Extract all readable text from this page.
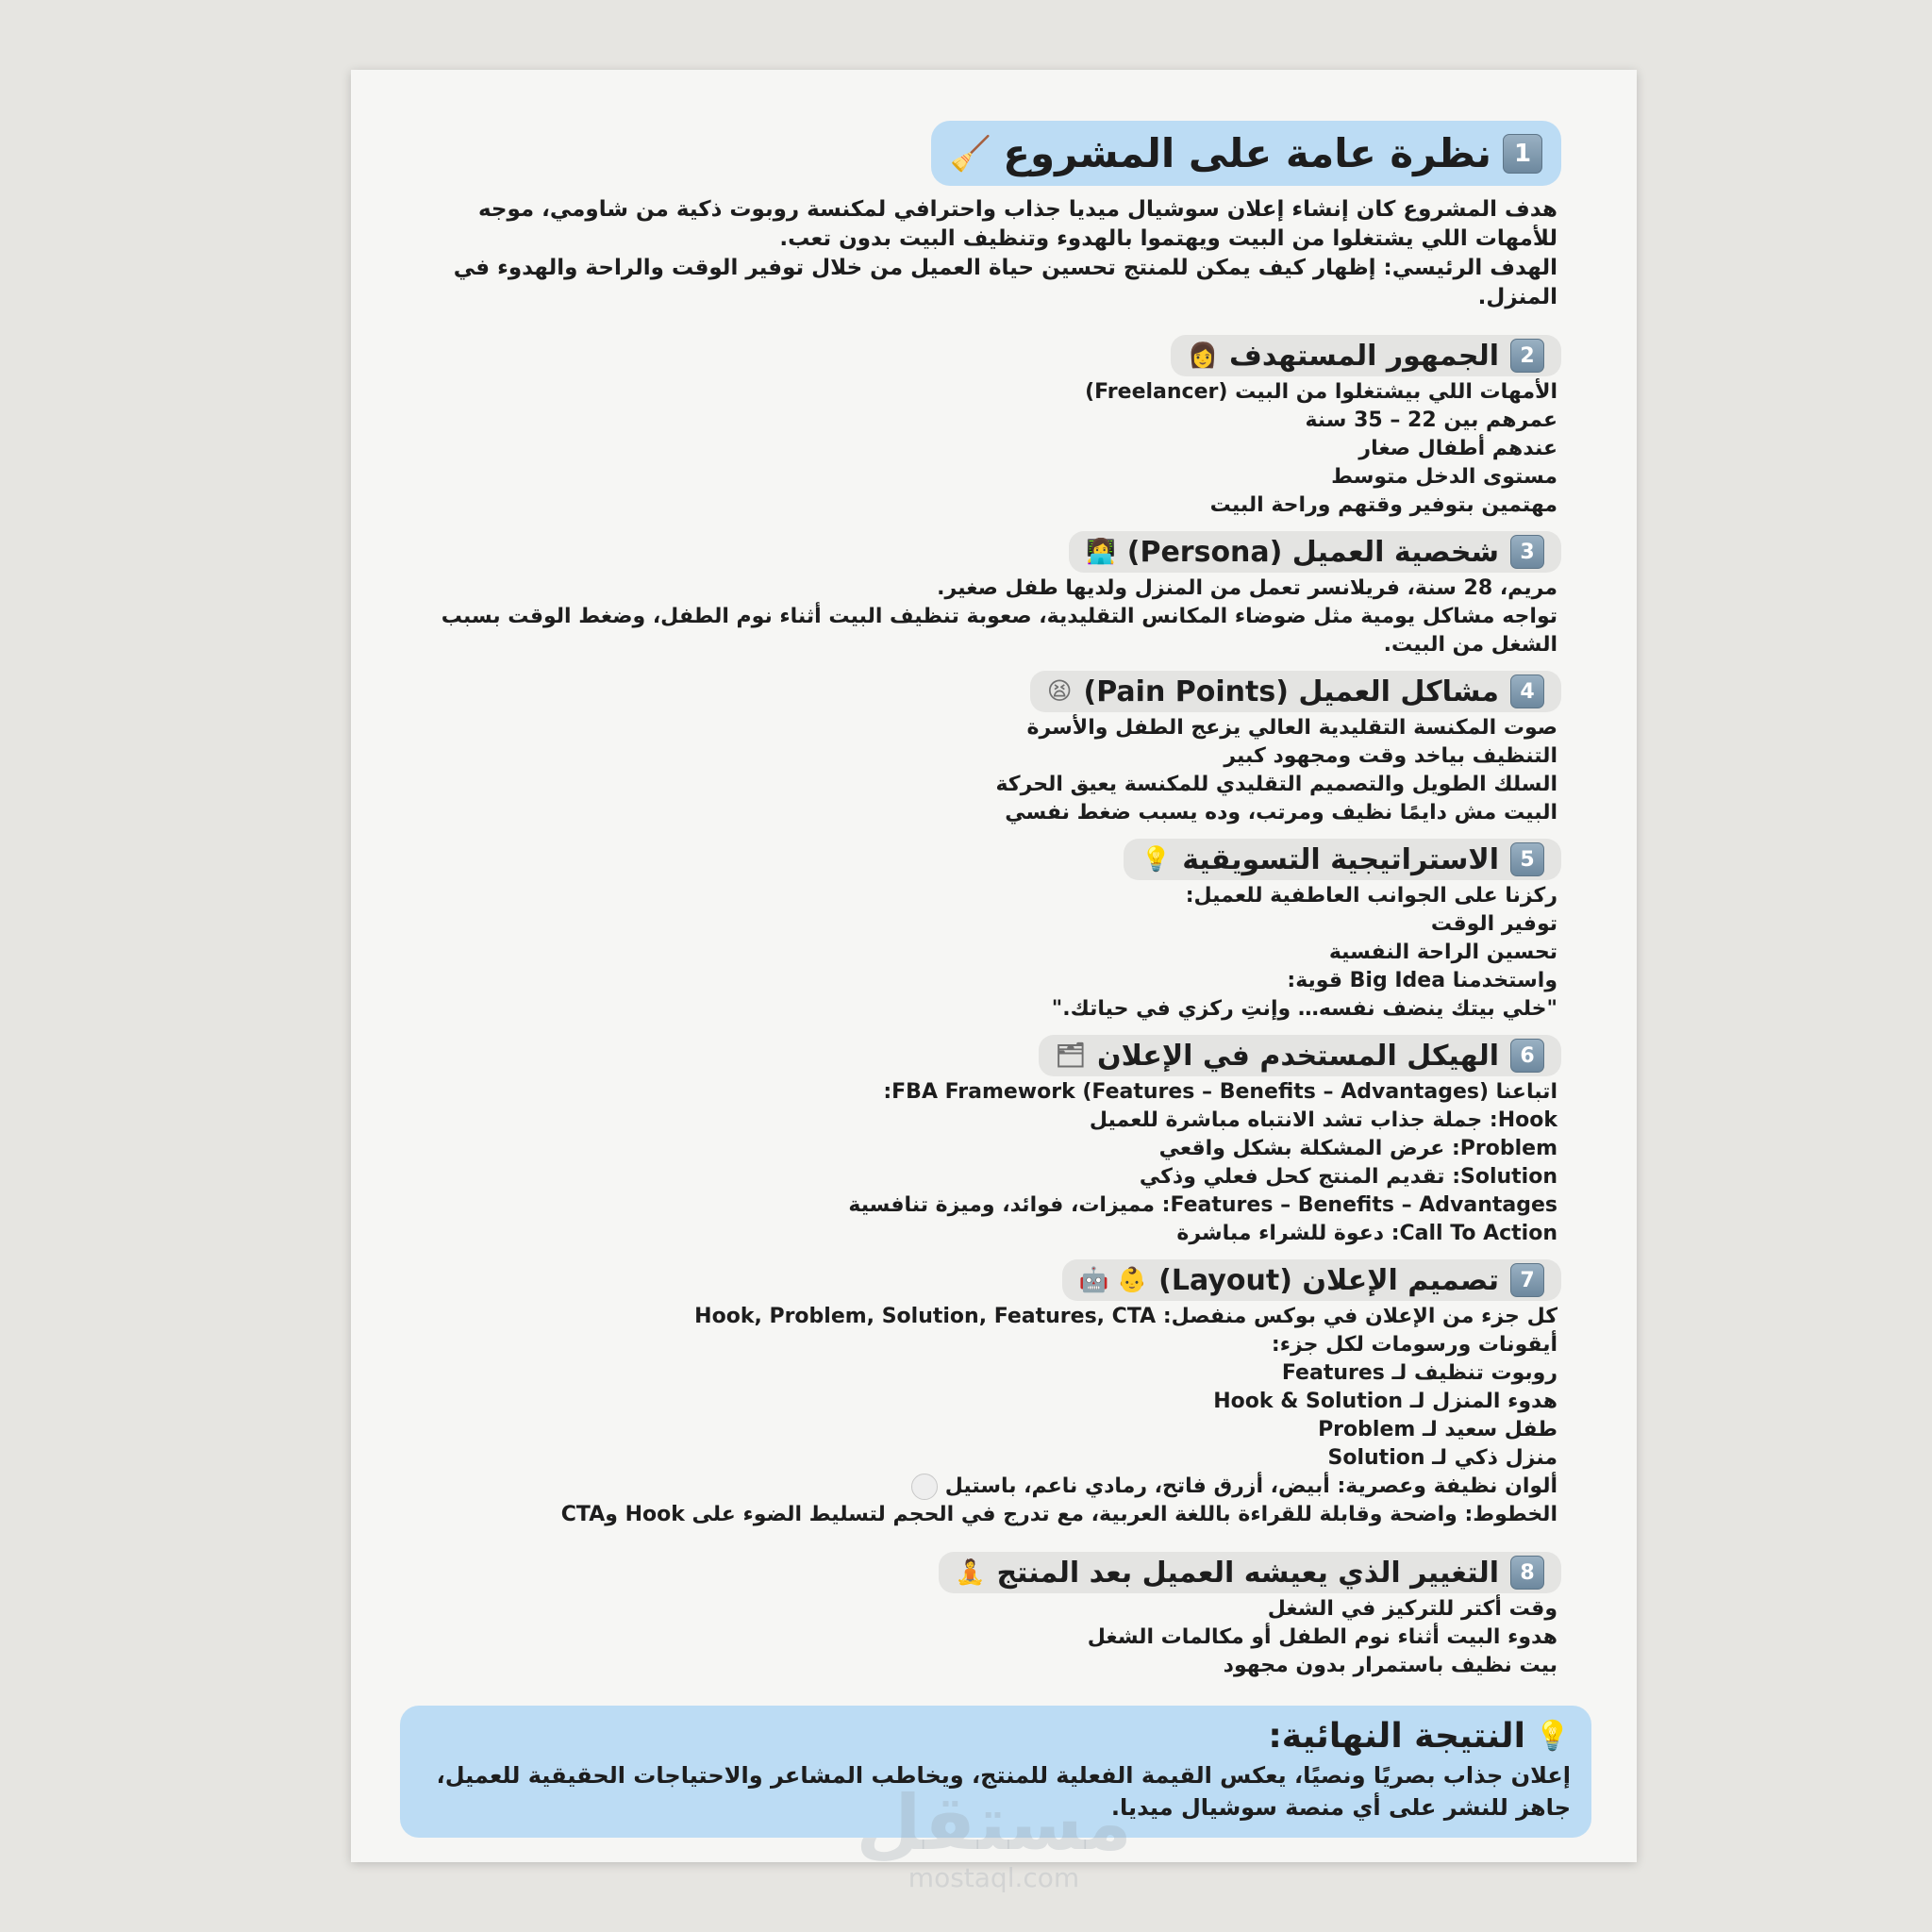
1
نظرة عامة على المشروع
🧹
هدف المشروع كان إنشاء إعلان سوشيال ميديا جذاب واحترافي لمكنسة روبوت ذكية من شاومي، موجه للأمهات اللي يشتغلوا من البيت ويهتموا بالهدوء وتنظيف البيت بدون تعب.
الهدف الرئيسي: إظهار كيف يمكن للمنتج تحسين حياة العميل من خلال توفير الوقت والراحة والهدوء في المنزل.
2
الجمهور المستهدف
👩
الأمهات اللي بيشتغلوا من البيت (Freelancer)
عمرهم بين 22 – 35 سنة
عندهم أطفال صغار
مستوى الدخل متوسط
مهتمين بتوفير وقتهم وراحة البيت
3
شخصية العميل (Persona)
👩‍💻
مريم، 28 سنة، فريلانسر تعمل من المنزل ولديها طفل صغير.
تواجه مشاكل يومية مثل ضوضاء المكانس التقليدية، صعوبة تنظيف البيت أثناء نوم الطفل، وضغط الوقت بسبب الشغل من البيت.
4
مشاكل العميل (Pain Points)
😫
صوت المكنسة التقليدية العالي يزعج الطفل والأسرة
التنظيف بياخد وقت ومجهود كبير
السلك الطويل والتصميم التقليدي للمكنسة يعيق الحركة
البيت مش دايمًا نظيف ومرتب، وده يسبب ضغط نفسي
5
الاستراتيجية التسويقية
💡
ركزنا على الجوانب العاطفية للعميل:
توفير الوقت
تحسين الراحة النفسية
واستخدمنا Big Idea قوية:
"خلي بيتك ينضف نفسه… وإنتِ ركزي في حياتك."
6
الهيكل المستخدم في الإعلان
🗂
اتباعنا FBA Framework (Features – Benefits – Advantages):
Hook: جملة جذاب تشد الانتباه مباشرة للعميل
Problem: عرض المشكلة بشكل واقعي
Solution: تقديم المنتج كحل فعلي وذكي
Features – Benefits – Advantages: مميزات، فوائد، وميزة تنافسية
Call To Action: دعوة للشراء مباشرة
7
تصميم الإعلان (Layout)
👶 🤖
كل جزء من الإعلان في بوكس منفصل: Hook, Problem, Solution, Features, CTA
أيقونات ورسومات لكل جزء:
روبوت تنظيف لـ Features
هدوء المنزل لـ Hook & Solution
طفل سعيد لـ Problem
منزل ذكي لـ Solution
ألوان نظيفة وعصرية: أبيض، أزرق فاتح، رمادي ناعم، باستيل
الخطوط: واضحة وقابلة للقراءة باللغة العربية، مع تدرج في الحجم لتسليط الضوء على Hook وCTA
8
التغيير الذي يعيشه العميل بعد المنتج
🧘
وقت أكتر للتركيز في الشغل
هدوء البيت أثناء نوم الطفل أو مكالمات الشغل
بيت نظيف باستمرار بدون مجهود
💡
النتيجة النهائية:
إعلان جذاب بصريًا ونصيًا، يعكس القيمة الفعلية للمنتج، ويخاطب المشاعر والاحتياجات الحقيقية للعميل، جاهز للنشر على أي منصة سوشيال ميديا.
مستقل
mostaql.com
